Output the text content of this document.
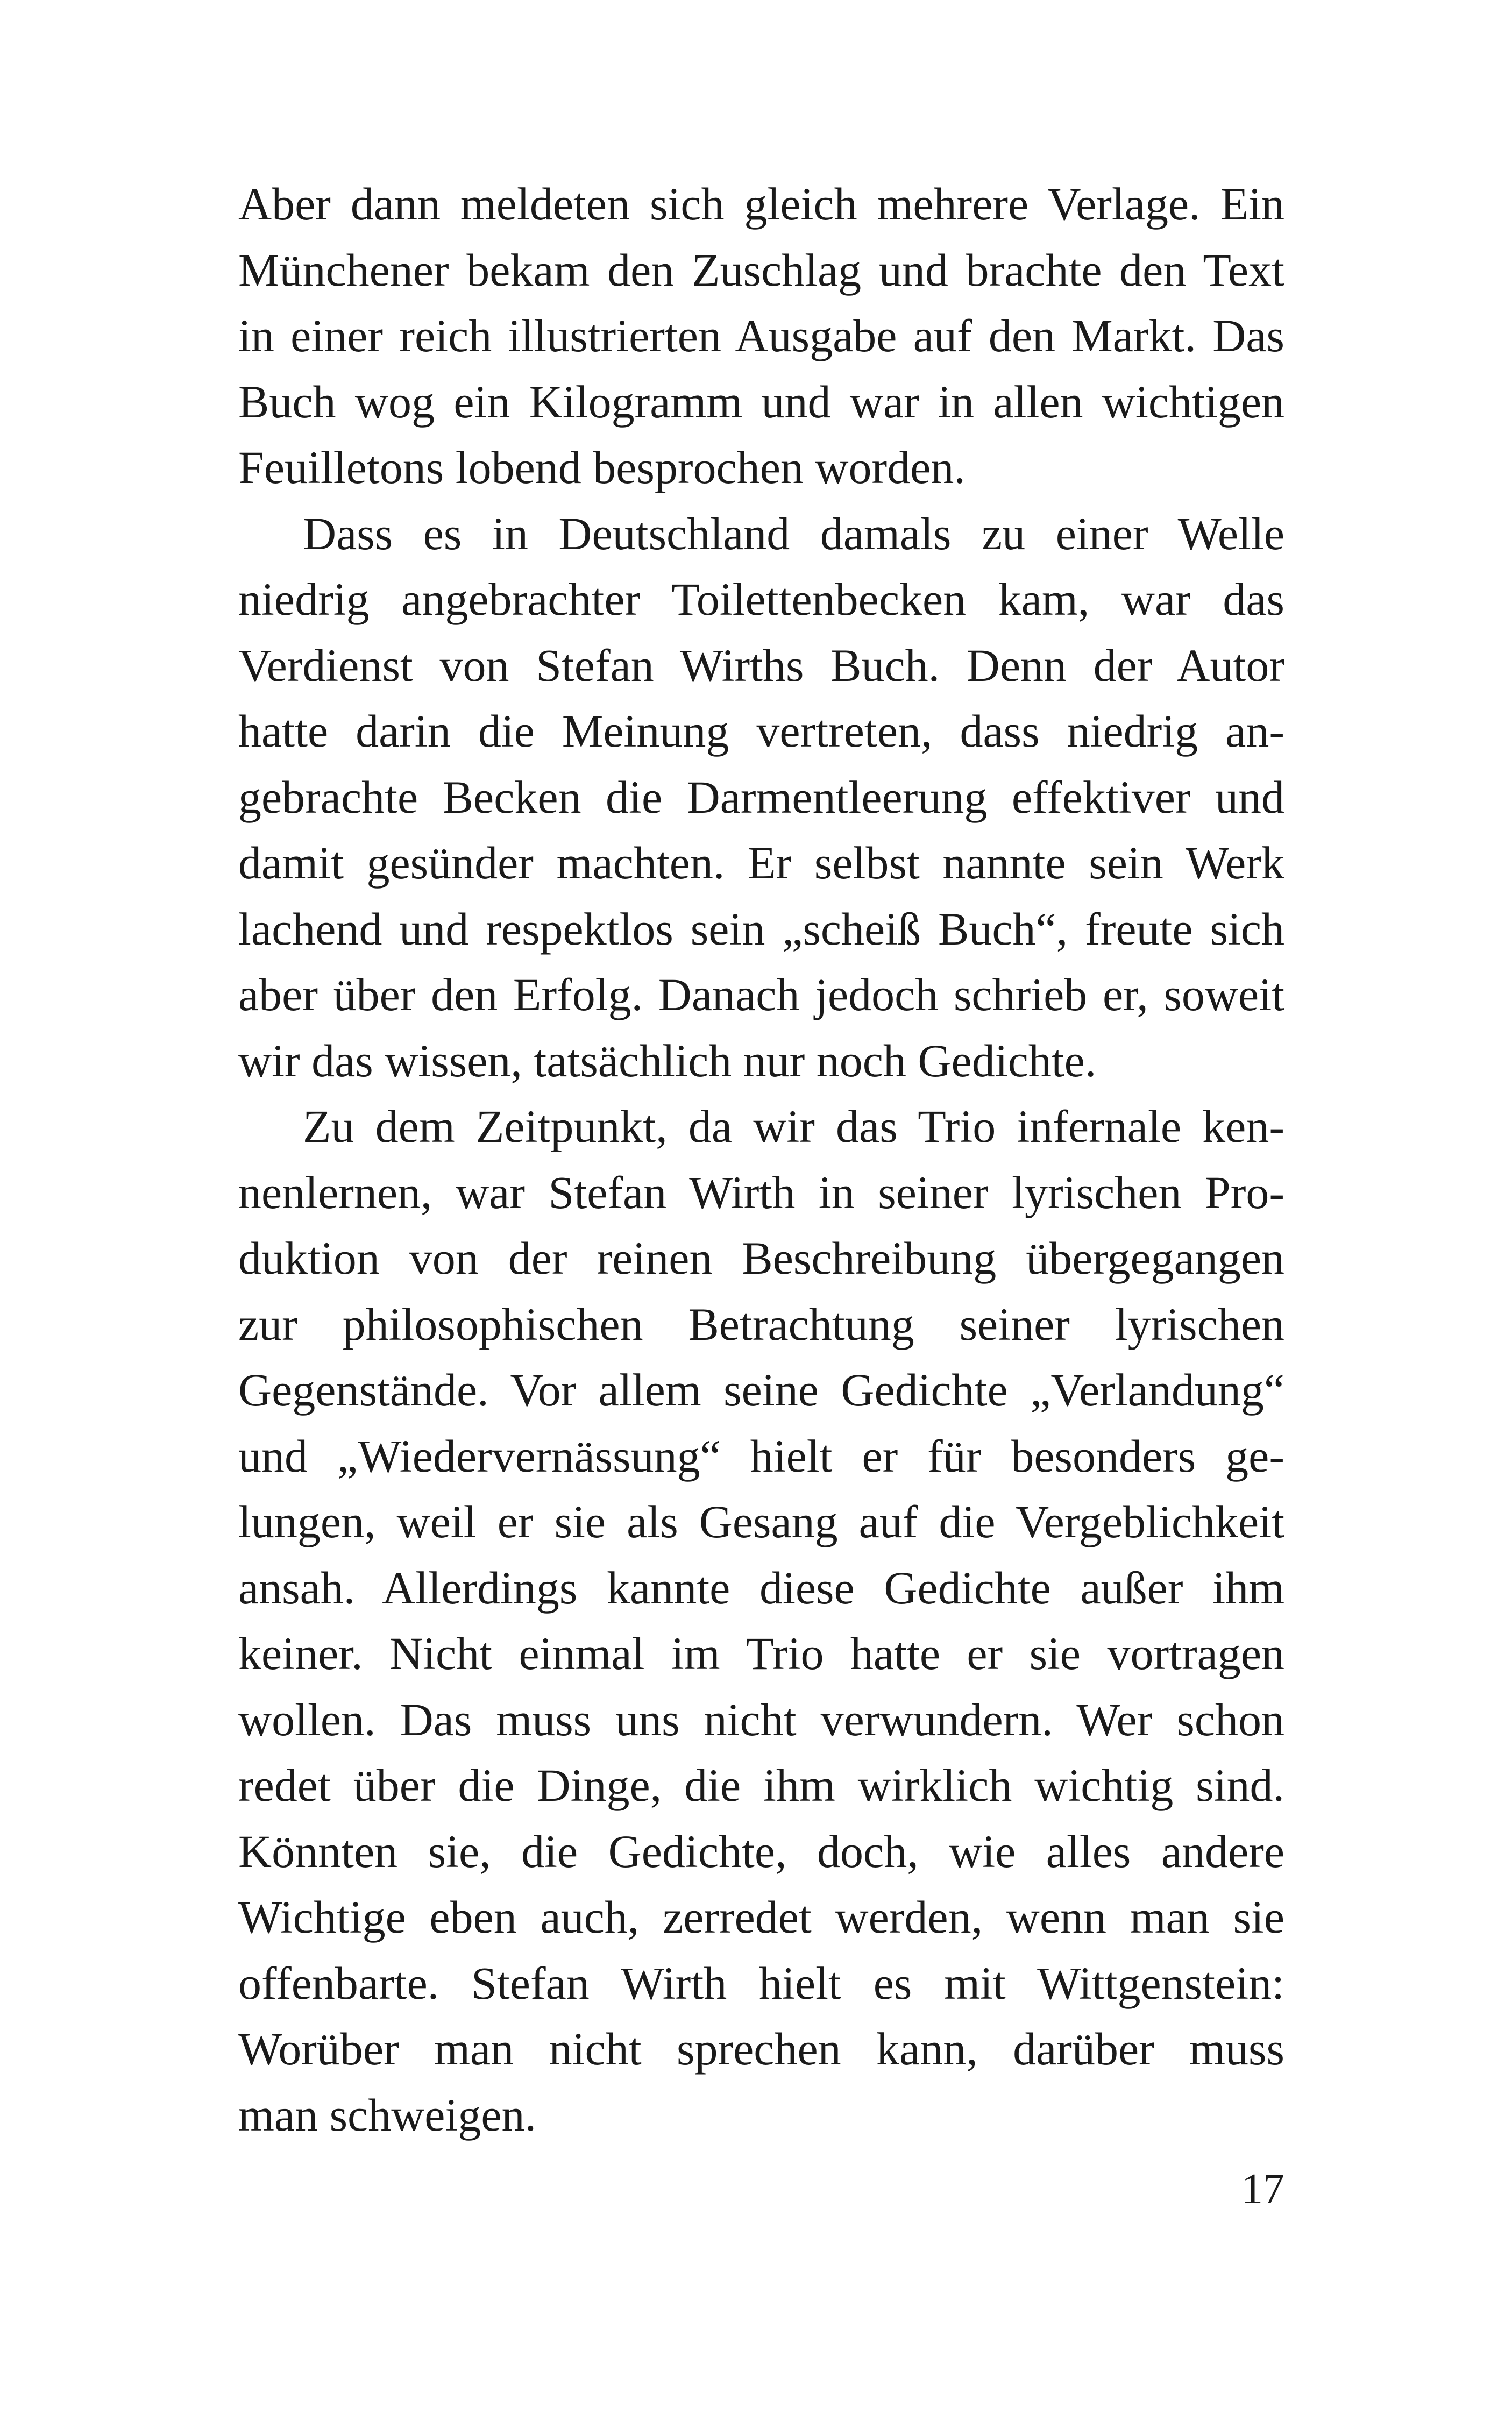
Aber dann meldeten sich gleich mehrere Verlage. Ein
Münchener bekam den Zuschlag und brachte den Text
in einer reich illustrierten Ausgabe auf den Markt. Das
Buch wog ein Kilogramm und war in allen wichtigen
Feuilletons lobend besprochen worden.

Dass es in Deutschland damals zu einer Welle
niedrig angebrachter Toilettenbecken kam, war das
Verdienst von Stefan Wirths Buch. Denn der Autor
hatte darin die Meinung vertreten, dass niedrig an-
gebrachte Becken die Darmentleerung effektiver und
damit gesünder machten. Er selbst nannte sein Werk
lachend und respektlos sein „scheiß Buch“, freute sich
aber über den Erfolg. Danach jedoch schrieb er, soweit
wir das wissen, tatsächlich nur noch Gedichte.

Zu dem Zeitpunkt, da wir das Trio infernale ken-
nenlernen, war Stefan Wirth in seiner lyrischen Pro-
duktion von der reinen Beschreibung übergegangen
zur philosophischen Betrachtung seiner lyrischen
Gegenstände. Vor allem seine Gedichte „Verlandung“
und „Wiedervernässung“ hielt er für besonders ge-
lungen, weil er sie als Gesang auf die Vergeblichkeit
ansah. Allerdings kannte diese Gedichte außer ihm
keiner. Nicht einmal im Trio hatte er sie vortragen
wollen. Das muss uns nicht verwundern. Wer schon
redet über die Dinge, die ihm wirklich wichtig sind.
Könnten sie, die Gedichte, doch, wie alles andere
Wichtige eben auch, zerredet werden, wenn man sie
offenbarte. Stefan Wirth hielt es mit Wittgenstein:
Worüber man nicht sprechen kann, darüber muss
man schweigen.

17
